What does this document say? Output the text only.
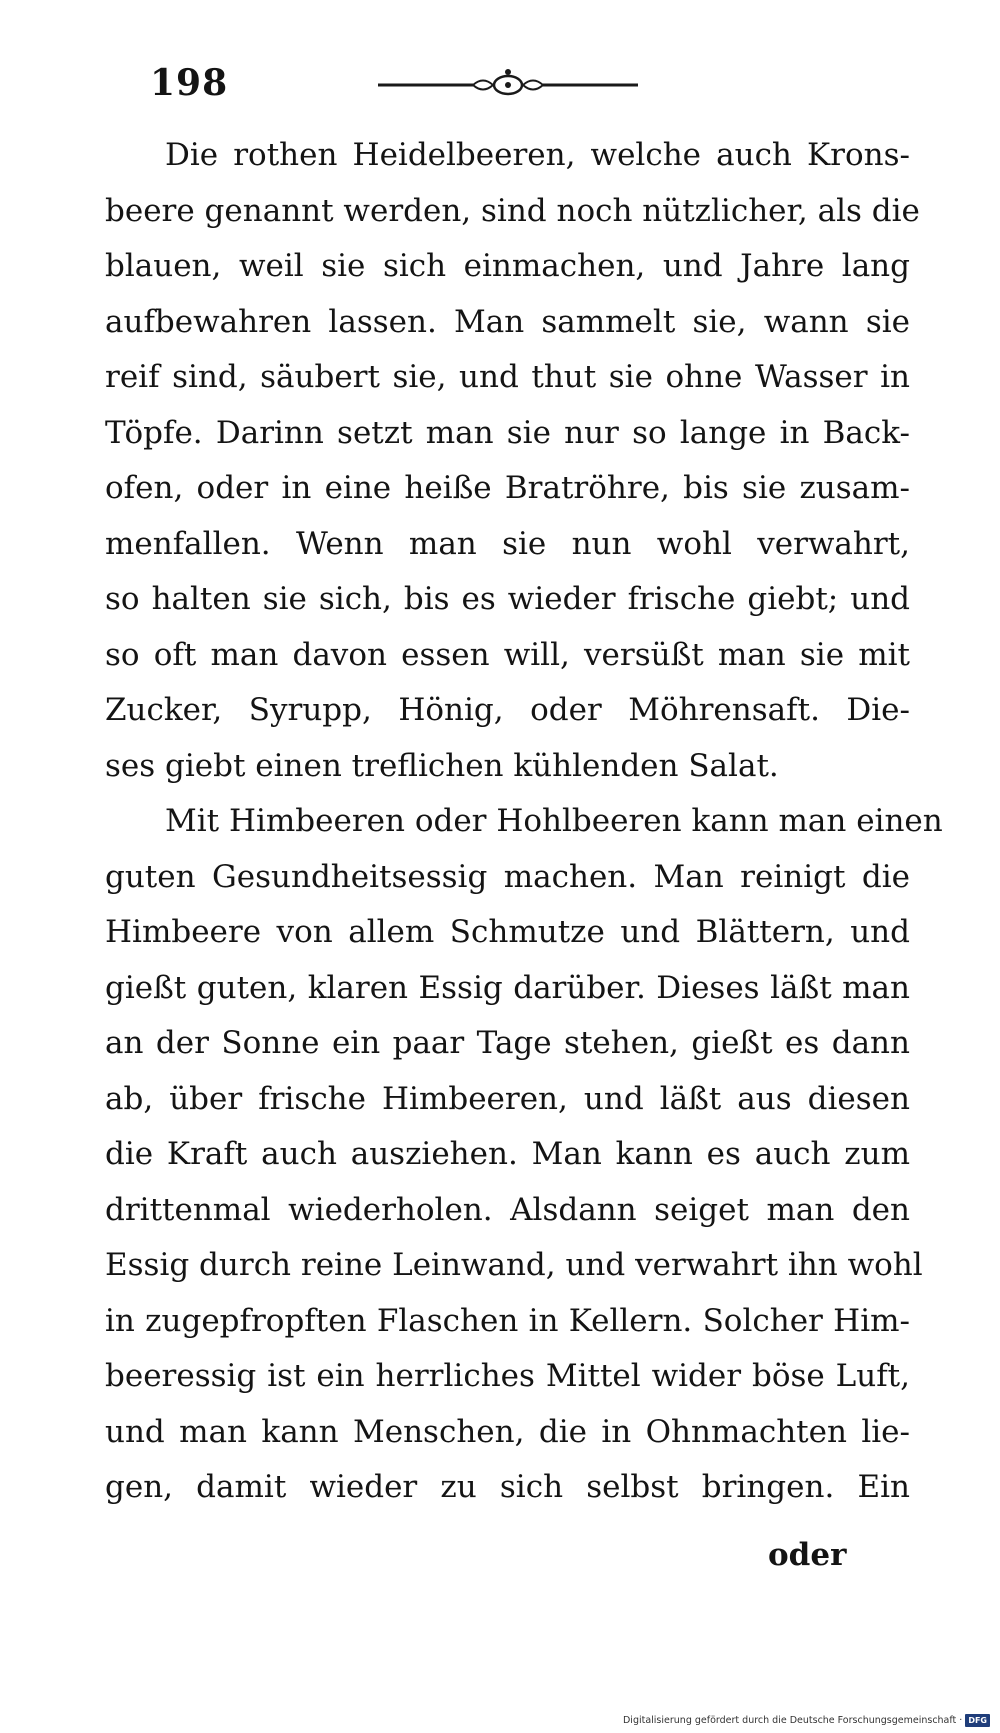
198
Die rothen Heidelbeeren, welche auch Krons-
beere genannt werden, sind noch nützlicher, als die
blauen, weil sie sich einmachen, und Jahre lang
aufbewahren lassen. Man sammelt sie, wann sie
reif sind, säubert sie, und thut sie ohne Wasser in
Töpfe. Darinn setzt man sie nur so lange in Back-
ofen, oder in eine heiße Bratröhre, bis sie zusam-
menfallen. Wenn man sie nun wohl verwahrt,
so halten sie sich, bis es wieder frische giebt; und
so oft man davon essen will, versüßt man sie mit
Zucker, Syrupp, Hönig, oder Möhrensaft. Die-
ses giebt einen treflichen kühlenden Salat.
Mit Himbeeren oder Hohlbeeren kann man einen
guten Gesundheitsessig machen. Man reinigt die
Himbeere von allem Schmutze und Blättern, und
gießt guten, klaren Essig darüber. Dieses läßt man
an der Sonne ein paar Tage stehen, gießt es dann
ab, über frische Himbeeren, und läßt aus diesen
die Kraft auch ausziehen. Man kann es auch zum
drittenmal wiederholen. Alsdann seiget man den
Essig durch reine Leinwand, und verwahrt ihn wohl
in zugepfropften Flaschen in Kellern. Solcher Him-
beeressig ist ein herrliches Mittel wider böse Luft,
und man kann Menschen, die in Ohnmachten lie-
gen, damit wieder zu sich selbst bringen. Ein
oder
Digitalisierung gefördert durch die Deutsche Forschungsgemeinschaft · DFG
